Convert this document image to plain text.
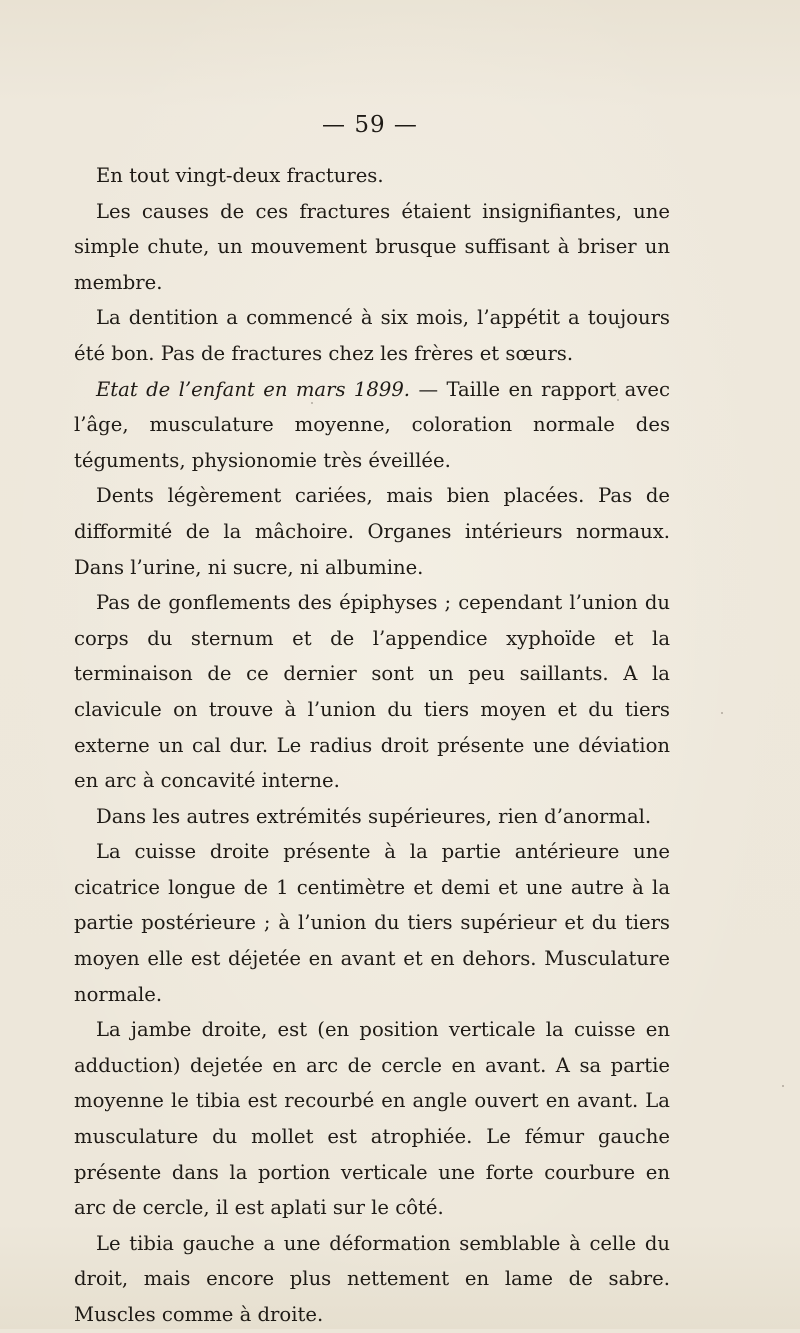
— 59 —

En tout vingt-deux fractures.

Les causes de ces fractures étaient insignifiantes, une simple chute, un mouvement brusque suffisant à briser un membre.

La dentition a commencé à six mois, l’appétit a toujours été bon. Pas de fractures chez les frères et sœurs.

Etat de l’enfant en mars 1899. — Taille en rapport avec l’âge, musculature moyenne, coloration normale des téguments, physionomie très éveillée.

Dents légèrement cariées, mais bien placées. Pas de difformité de la mâchoire. Organes intérieurs normaux. Dans l’urine, ni sucre, ni albumine.

Pas de gonflements des épiphyses ; cependant l’union du corps du sternum et de l’appendice xyphoïde et la terminaison de ce dernier sont un peu saillants. A la clavicule on trouve à l’union du tiers moyen et du tiers externe un cal dur. Le radius droit présente une déviation en arc à concavité interne.

Dans les autres extrémités supérieures, rien d’anormal.

La cuisse droite présente à la partie antérieure une cicatrice longue de 1 centimètre et demi et une autre à la partie postérieure ; à l’union du tiers supérieur et du tiers moyen elle est déjetée en avant et en dehors. Musculature normale.

La jambe droite, est (en position verticale la cuisse en adduction) dejetée en arc de cercle en avant. A sa partie moyenne le tibia est recourbé en angle ouvert en avant. La musculature du mollet est atrophiée. Le fémur gauche présente dans la portion verticale une forte courbure en arc de cercle, il est aplati sur le côté.

Le tibia gauche a une déformation semblable à celle du droit, mais encore plus nettement en lame de sabre. Muscles comme à droite.
